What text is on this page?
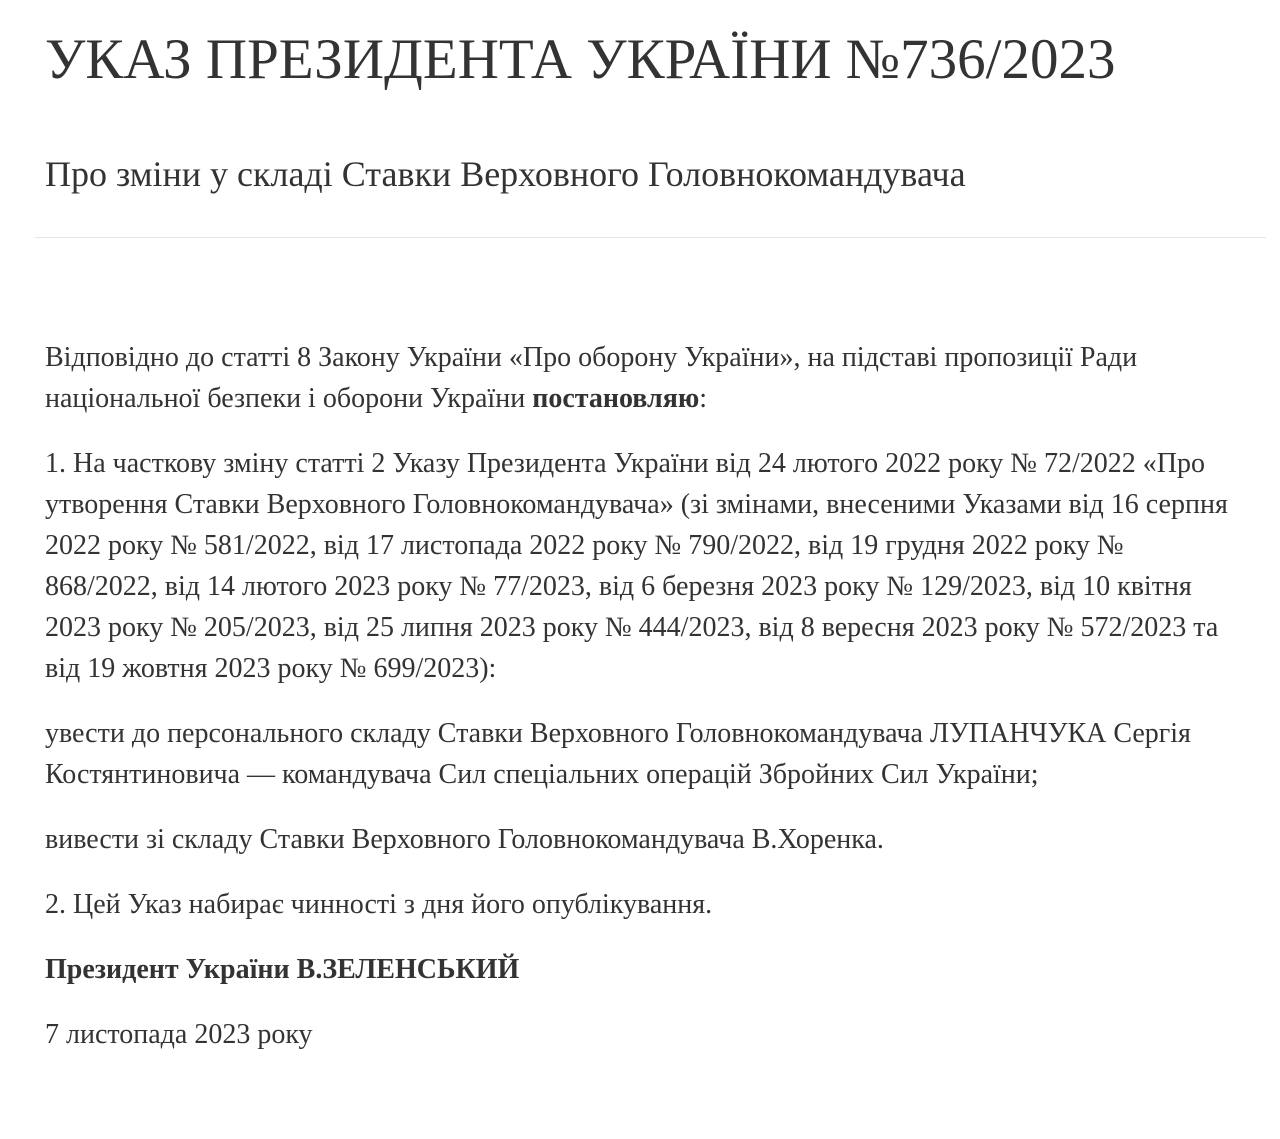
УКАЗ ПРЕЗИДЕНТА УКРАЇНИ №736/2023
Про зміни у складі Ставки Верховного Головнокомандувача

Відповідно до статті 8 Закону України «Про оборону України», на підставі пропозиції Ради національної безпеки і оборони України постановляю:

1. На часткову зміну статті 2 Указу Президента України від 24 лютого 2022 року № 72/2022 «Про утворення Ставки Верховного Головнокомандувача» (зі змінами, внесеними Указами від 16 серпня 2022 року № 581/2022, від 17 листопада 2022 року № 790/2022, від 19 грудня 2022 року № 868/2022, від 14 лютого 2023 року № 77/2023, від 6 березня 2023 року № 129/2023, від 10 квітня 2023 року № 205/2023, від 25 липня 2023 року № 444/2023, від 8 вересня 2023 року № 572/2023 та від 19 жовтня 2023 року № 699/2023):

увести до персонального складу Ставки Верховного Головнокомандувача ЛУПАНЧУКА Сергія Костянтиновича — командувача Сил спеціальних операцій Збройних Сил України;

вивести зі складу Ставки Верховного Головнокомандувача В.Хоренка.

2. Цей Указ набирає чинності з дня його опублікування.

Президент України В.ЗЕЛЕНСЬКИЙ

7 листопада 2023 року
